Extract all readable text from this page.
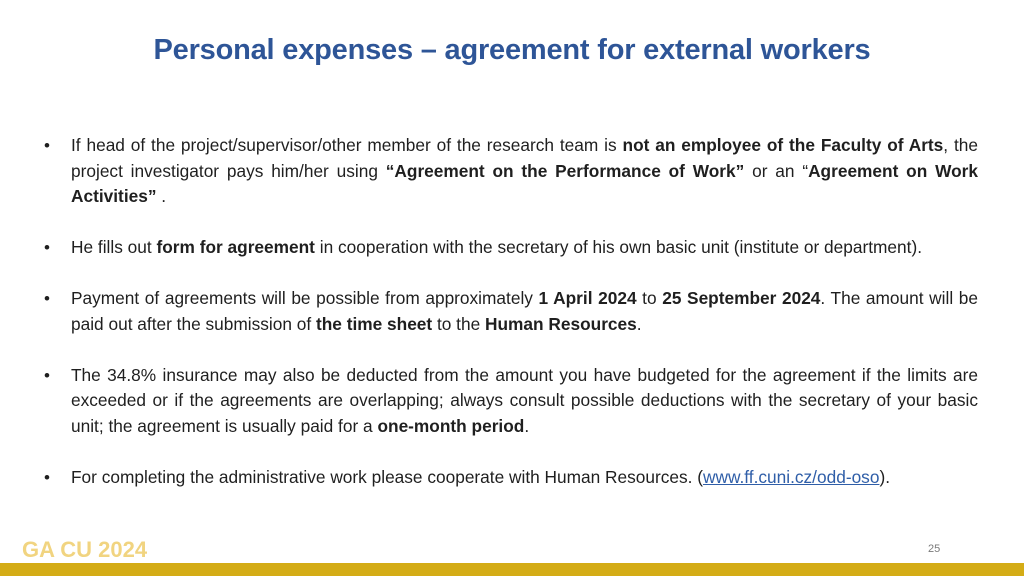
Personal expenses – agreement for external workers
•	If head of the project/supervisor/other member of the research team is not an employee of the Faculty of Arts, the project investigator pays him/her using “Agreement on the Performance of Work” or an “Agreement on Work Activities” .
•	He fills out form for agreement in cooperation with the secretary of his own basic unit (institute or department).
•	Payment of agreements will be possible from approximately 1 April 2024 to 25 September 2024. The amount will be paid out after the submission of the time sheet to the Human Resources.
•	The 34.8% insurance may also be deducted from the amount you have budgeted for the agreement if the limits are exceeded or if the agreements are overlapping; always consult possible deductions with the secretary of your basic unit; the agreement is usually paid for a one-month period.
•	For completing the administrative work please cooperate with Human Resources. (www.ff.cuni.cz/odd-oso).
GA CU 2024	25
